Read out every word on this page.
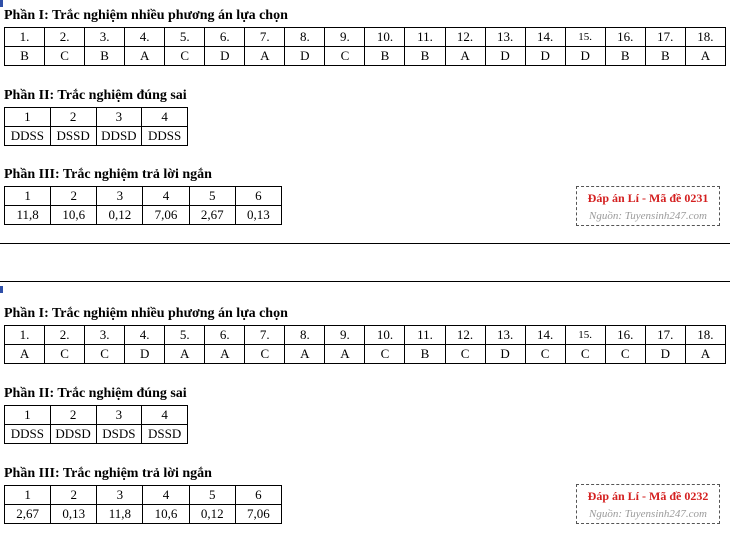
Phần I: Trắc nghiệm nhiều phương án lựa chọn
1.	2.	3.	4.	5.	6.	7.	8.	9.	10.	11.	12.	13.	14.	15.	16.	17.	18.
B	C	B	A	C	D	A	D	C	B	B	A	D	D	D	B	B	A
Phần II: Trắc nghiệm đúng sai
1	2	3	4
DDSS	DSSD	DDSD	DDSS
Phần III: Trắc nghiệm trả lời ngắn
1	2	3	4	5	6
11,8	10,6	0,12	7,06	2,67	0,13
Đáp án Lí - Mã đề 0231
Nguồn: Tuyensinh247.com
Phần I: Trắc nghiệm nhiều phương án lựa chọn
1.	2.	3.	4.	5.	6.	7.	8.	9.	10.	11.	12.	13.	14.	15.	16.	17.	18.
A	C	C	D	A	A	C	A	A	C	B	C	D	C	C	C	D	A
Phần II: Trắc nghiệm đúng sai
1	2	3	4
DDSS	DDSD	DSDS	DSSD
Phần III: Trắc nghiệm trả lời ngắn
1	2	3	4	5	6
2,67	0,13	11,8	10,6	0,12	7,06
Đáp án Lí - Mã đề 0232
Nguồn: Tuyensinh247.com
